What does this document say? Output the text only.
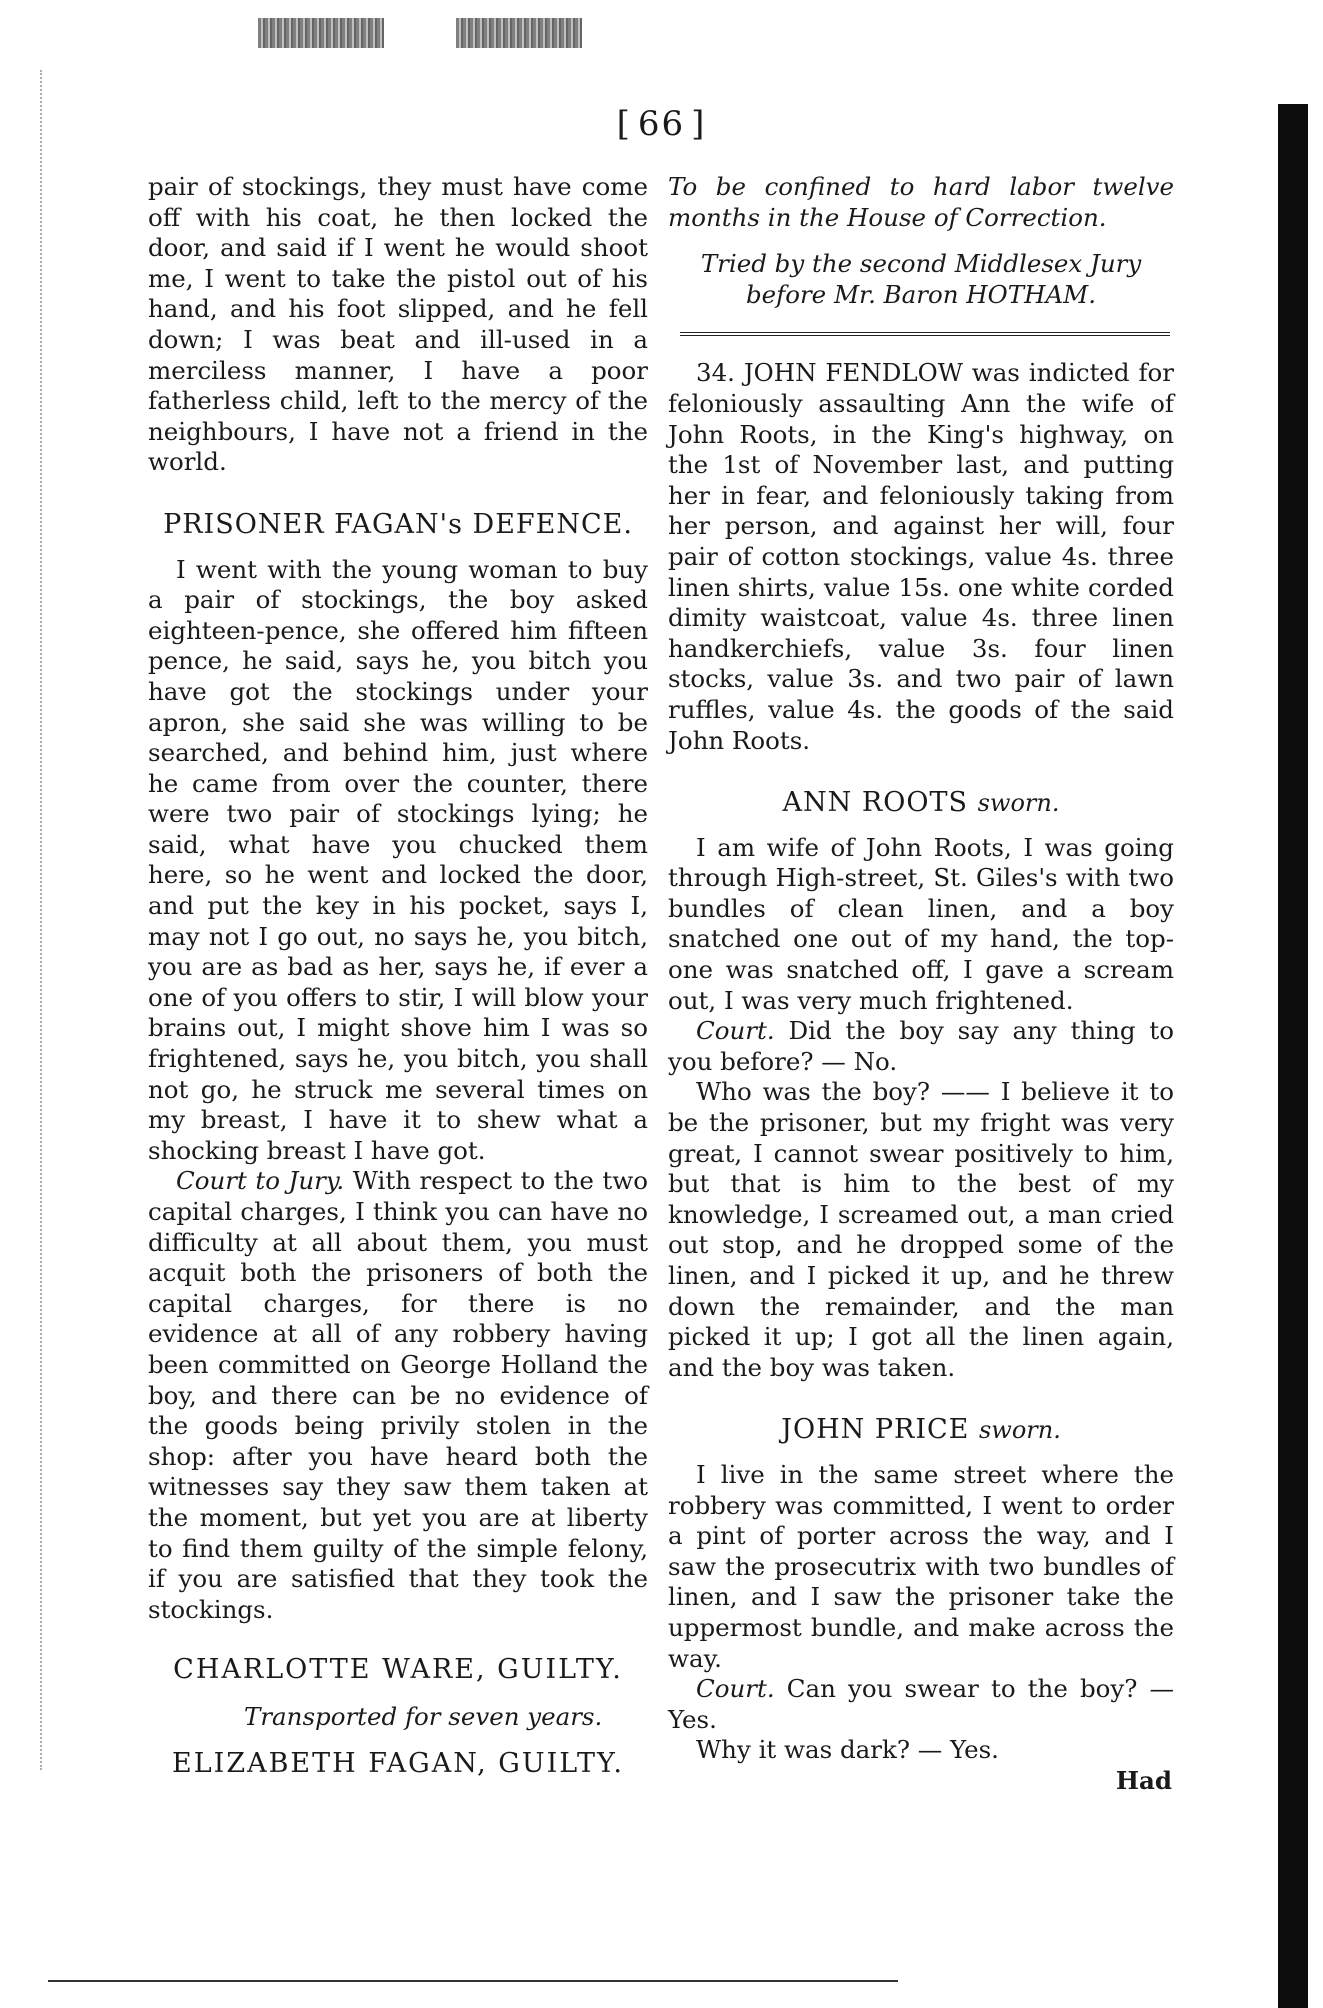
[ 66 ]

pair of stockings, they must have come off with his coat, he then locked the door, and said if I went he would shoot me, I went to take the pistol out of his hand, and his foot slipped, and he fell down; I was beat and ill-used in a merciless manner, I have a poor fatherless child, left to the mercy of the neighbours, I have not a friend in the world.

PRISONER FAGAN's DEFENCE.

I went with the young woman to buy a pair of stockings, the boy asked eighteen-pence, she offered him fifteen pence, he said, says he, you bitch you have got the stockings under your apron, she said she was willing to be searched, and behind him, just where he came from over the counter, there were two pair of stockings lying; he said, what have you chucked them here, so he went and locked the door, and put the key in his pocket, says I, may not I go out, no says he, you bitch, you are as bad as her, says he, if ever a one of you offers to stir, I will blow your brains out, I might shove him I was so frightened, says he, you bitch, you shall not go, he struck me several times on my breast, I have it to shew what a shocking breast I have got.

Court to Jury. With respect to the two capital charges, I think you can have no difficulty at all about them, you must acquit both the prisoners of both the capital charges, for there is no evidence at all of any robbery having been committed on George Holland the boy, and there can be no evidence of the goods being privily stolen in the shop: after you have heard both the witnesses say they saw them taken at the moment, but yet you are at liberty to find them guilty of the simple felony, if you are satisfied that they took the stockings.

CHARLOTTE WARE, GUILTY.

Transported for seven years.

ELIZABETH FAGAN, GUILTY.

To be confined to hard labor twelve months in the House of Correction.

Tried by the second Middlesex Jury before Mr. Baron HOTHAM.

34. JOHN FENDLOW was indicted for feloniously assaulting Ann the wife of John Roots, in the King's highway, on the 1st of November last, and putting her in fear, and feloniously taking from her person, and against her will, four pair of cotton stockings, value 4s. three linen shirts, value 15s. one white corded dimity waistcoat, value 4s. three linen handkerchiefs, value 3s. four linen stocks, value 3s. and two pair of lawn ruffles, value 4s. the goods of the said John Roots.

ANN ROOTS sworn.

I am wife of John Roots, I was going through High-street, St. Giles's with two bundles of clean linen, and a boy snatched one out of my hand, the top-one was snatched off, I gave a scream out, I was very much frightened.

Court. Did the boy say any thing to you before? — No.

Who was the boy? —— I believe it to be the prisoner, but my fright was very great, I cannot swear positively to him, but that is him to the best of my knowledge, I screamed out, a man cried out stop, and he dropped some of the linen, and I picked it up, and he threw down the remainder, and the man picked it up; I got all the linen again, and the boy was taken.

JOHN PRICE sworn.

I live in the same street where the robbery was committed, I went to order a pint of porter across the way, and I saw the prosecutrix with two bundles of linen, and I saw the prisoner take the uppermost bundle, and make across the way.

Court. Can you swear to the boy? — Yes.

Why it was dark? — Yes.

Had
